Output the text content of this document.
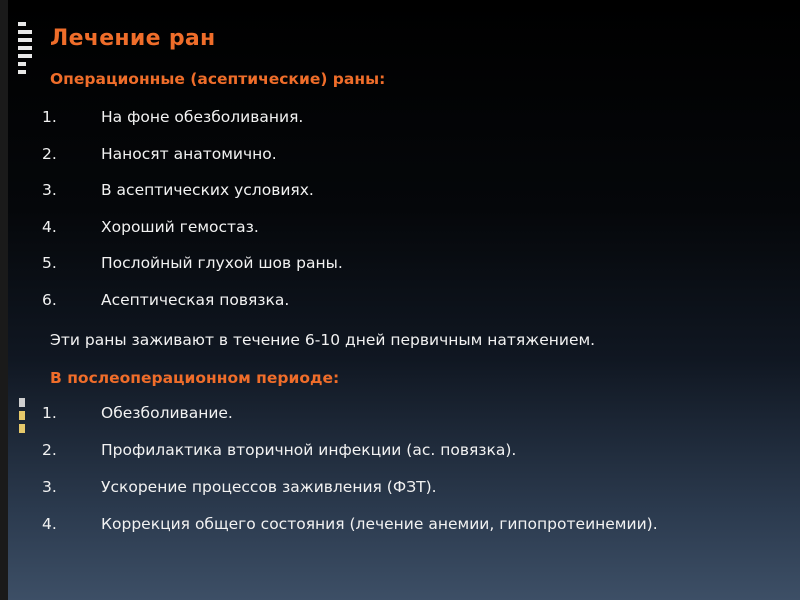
Лечение ран
Операционные (асептические) раны:
1.	На фоне обезболивания.
2.	Наносят анатомично.
3.	В асептических условиях.
4.	Хороший гемостаз.
5.	Послойный глухой шов раны.
6.	Асептическая повязка.
Эти раны заживают в течение 6-10 дней первичным натяжением.
В послеоперационном периоде:
1.	Обезболивание.
2.	Профилактика вторичной инфекции (ас. повязка).
3.	Ускорение процессов заживления (ФЗТ).
4.	Коррекция общего состояния (лечение анемии, гипопротеинемии).
